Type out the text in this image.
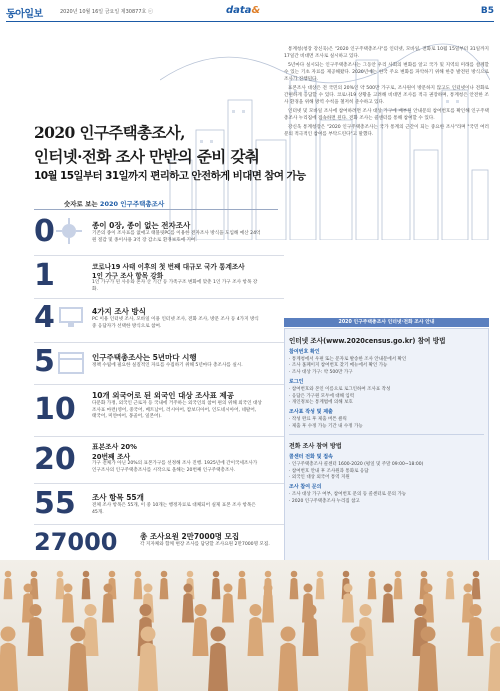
동아일보	2020년 10월 16일 금요일 제30877호 ⓒ	data&	B5
2020 인구주택총조사,
인터넷·전화 조사 만반의 준비 갖춰
10월 15일부터 31일까지 편리하고 안전하게 비대면 참여 가능
숫자로 보는 2020 인구주택총조사
0	종이 0장, 종이 없는 전자조사
기존의 종이 조사표를 없애고 태블릿PC를 이용한 전자조사 방식을 도입해 예산 24억 원 절감 및 종이사용 3억 장 감소로 환경보호에 기여.
1	코로나19 사태 이후의 첫 번째 대규모 국가 통계조사
1인 가구 조사 항목 강화
1인 가구가 된 사유와 혼자 산 기간 등 가족구조 변화에 맞춘 1인 가구 조사 항목 강화.
4	4가지 조사 방식
PC 이용 인터넷 조사, 모바일 이용 인터넷 조사, 전화 조사, 방문 조사 등 4가지 방식 중 응답자가 선택한 방식으로 참여.
5	인구주택총조사는 5년마다 시행
정책 수립에 필요한 실질적인 자료를 수집하기 위해 5년마다 총조사를 실시.
10 10개 외국어로 된 외국인 대상 조사표 제공
다문화 가정, 외국인 근로자 등 국내에 거주하는 외국인의 참여 편의 위해 외국인 대상 조사표 마련(영어, 중국어, 베트남어, 러시아어, 캄보디아어, 인도네시아어, 네팔어, 태국어, 미얀마어, 몽골어, 일본어).
20 표본조사 20%
20번째 조사
가구 전체가 아닌 20%의 표본가구를 선정해 조사 진행. 1925년에 간이국세조사가 인구조사의 인구주택총조사를 시작으로 올해는 20번째 인구주택총조사.
55 조사 항목 55개
전체 조사 항목은 55개, 이 중 10개는 행정자료로 대체되어 실제 표본 조사 항목은 45개.
27000	총 조사요원 2만7000명 모집
각 지자체와 함께 현장 조사를 담당할 조사요원 2만7000명 모집.

통계청(청장 강신욱)은 "2020 인구주택총조사"를 인터넷, 모바일, 전화로 10월 15일부터 31일까지 17일간 비대면 조사로 실시하고 있다.

5년마다 실시되는 인구주택총조사는 그동안 우리 사회의 변화를 알고 국가 및 지역의 미래를 설계할 수 있는 기초 자료를 제공해왔다. 2020년에는 한국 주요 변화를 파악하기 위해 한층 발전된 방식으로 조사가 진행된다.

표본조사 대상은 전 국민의 20%인 약 500만 가구로, 조사원이 방문하지 않고도 인터넷이나 전화로 간편하게 응답할 수 있다. 코로나19 상황을 고려해 비대면 조사를 적극 권장하며, 통계청은 안전한 조사 환경을 위해 방역 수칙을 철저히 준수하고 있다.

인터넷 및 모바일 조사에 참여하려면 조사 대상 가구에 배부된 안내문의 참여번호를 확인해 인구주택총조사 누리집에 접속하면 된다. 전화 조사는 콜센터를 통해 참여할 수 있다.

강신욱 통계청장은 "2020 인구주택총조사는 국가 통계의 근간이 되는 중요한 조사"라며 "국민 여러분의 적극적인 참여를 부탁드린다"고 말했다.

2020 인구주택총조사 인터넷·전화 조사 안내
인터넷 조사(www.2020census.go.kr) 참여 방법
참여번호 확인
· 통계청에서 우편 또는 문자로 발송한 조사 안내문에서 확인
· 조사 홈페이지 참여번호 찾기 메뉴에서 확인 가능
· 조사 대상 가구: 약 500만 가구
로그인
· 참여번호와 본인 이름으로 로그인하여 조사표 작성
· 응답은 가구원 모두에 대해 입력
· 개인정보는 통계법에 의해 보호
조사표 작성 및 제출
· 작성 완료 후 제출 버튼 클릭
· 제출 후 수정 가능 기간 내 수정 가능
전화 조사 참여 방법
콜센터 전화 및 접속
· 인구주택총조사 콜센터 1600-2020 (평일 및 주말 09:00~18:00)
· 참여번호 안내 후 조사원과 통화로 응답
· 외국인 대상 외국어 통역 지원
조사 참여 문의
· 조사 대상 가구 여부, 참여번호 문의 등 콜센터로 문의 가능
· 2020 인구주택총조사 누리집 참고
